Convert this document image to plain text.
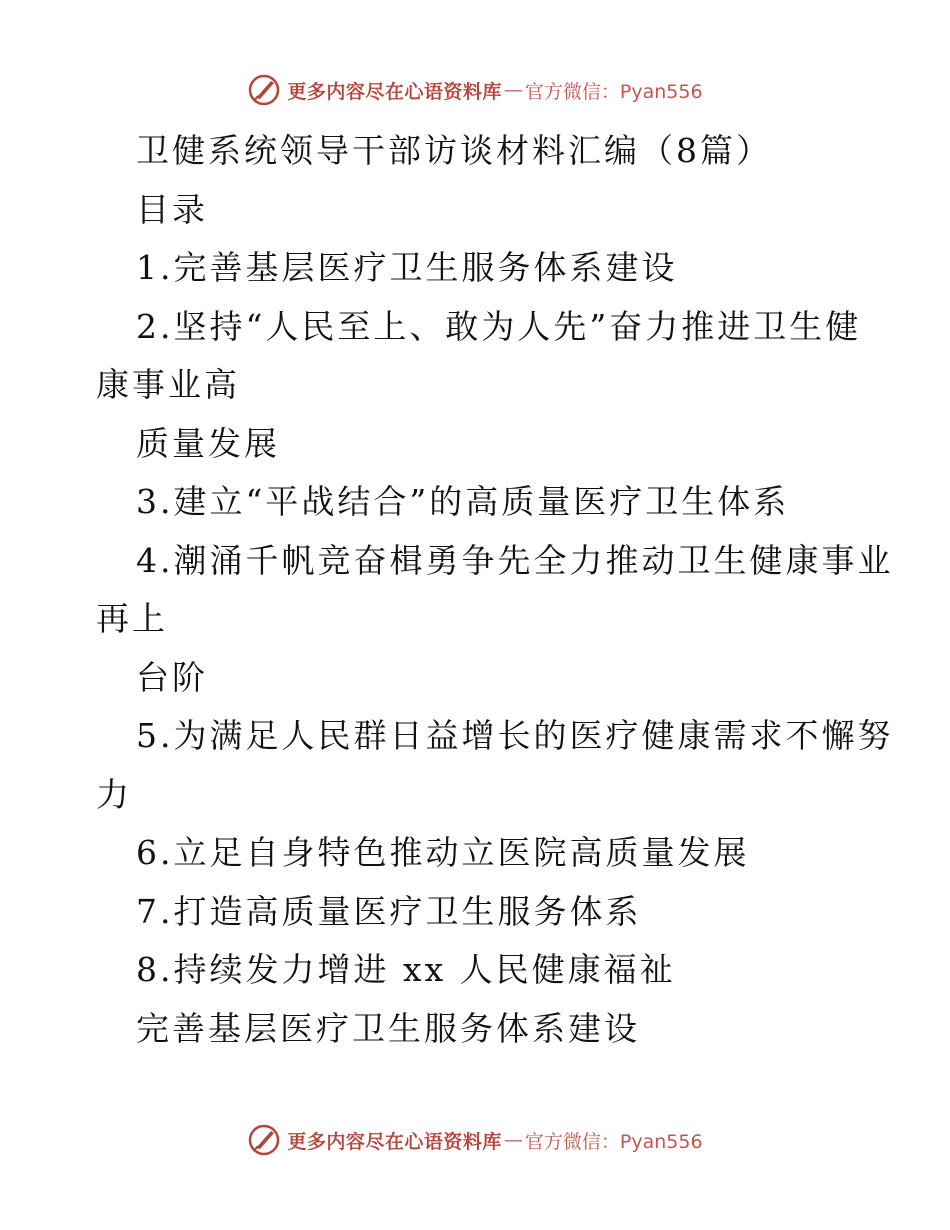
更多内容尽在心语资料库 — 官方微信：Pyan556
卫健系统领导干部访谈材料汇编（8篇）
目录
1.完善基层医疗卫生服务体系建设
2.坚持“人民至上、敢为人先”奋力推进卫生健
康事业高
质量发展
3.建立“平战结合”的高质量医疗卫生体系
4.潮涌千帆竞奋楫勇争先全力推动卫生健康事业
再上
台阶
5.为满足人民群日益增长的医疗健康需求不懈努
力
6.立足自身特色推动立医院高质量发展
7.打造高质量医疗卫生服务体系
8.持续发力增进 xx 人民健康福祉
完善基层医疗卫生服务体系建设
更多内容尽在心语资料库 — 官方微信：Pyan556
